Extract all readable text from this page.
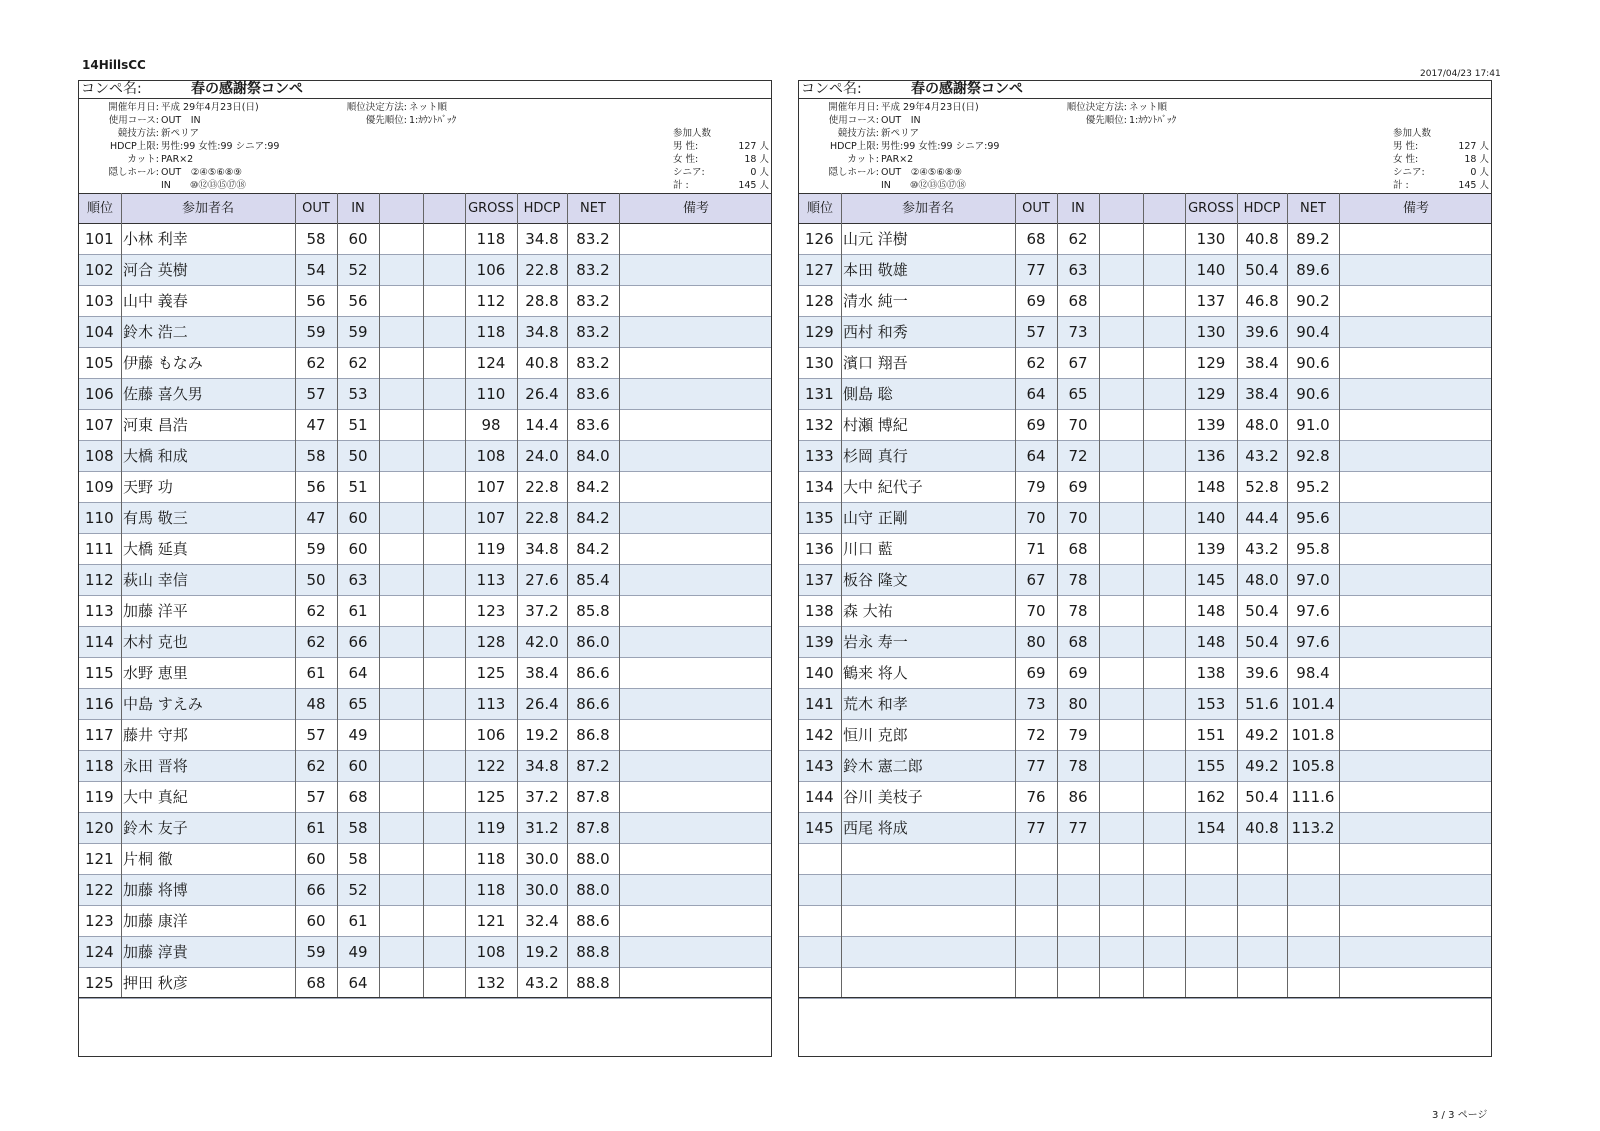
14HillsCC
2017/04/23 17:41
3 / 3 ページ
コンペ名:	春の感謝祭コンペ
開催年月日: 平成 29年4月23日(日)
使用コース: OUT　IN
競技方法: 新ペリア
HDCP上限: 男性:99 女性:99 シニア:99
カット: PAR×2
隠しホール: OUT　②④⑤⑥⑧⑨
IN　　⑩⑫⑬⑮⑰⑱
順位決定方法: ネット順
優先順位: 1:ｶｳﾝﾄﾊﾞｯｸ
参加人数
男 性:	127 人
女 性:	18 人
シニア:	0 人
計 :	145 人
順位	参加者名	OUT	IN	GROSS HDCP	NET	備考
101 小林 利幸	58	60	118	34.8	83.2
102 河合 英樹	54	52	106	22.8	83.2
103 山中 義春	56	56	112	28.8	83.2
104 鈴木 浩二	59	59	118	34.8	83.2
105 伊藤 もなみ	62	62	124	40.8	83.2
106 佐藤 喜久男	57	53	110	26.4	83.6
107 河東 昌浩	47	51	98	14.4	83.6
108 大橋 和成	58	50	108	24.0	84.0
109 天野 功	56	51	107	22.8	84.2
110 有馬 敬三	47	60	107	22.8	84.2
111 大橋 延真	59	60	119	34.8	84.2
112 萩山 幸信	50	63	113	27.6	85.4
113 加藤 洋平	62	61	123	37.2	85.8
114 木村 克也	62	66	128	42.0	86.0
115 水野 恵里	61	64	125	38.4	86.6
116 中島 すえみ	48	65	113	26.4	86.6
117 藤井 守邦	57	49	106	19.2	86.8
118 永田 晋将	62	60	122	34.8	87.2
119 大中 真紀	57	68	125	37.2	87.8
120 鈴木 友子	61	58	119	31.2	87.8
121 片桐 徹	60	58	118	30.0	88.0
122 加藤 将博	66	52	118	30.0	88.0
123 加藤 康洋	60	61	121	32.4	88.6
124 加藤 淳貴	59	49	108	19.2	88.8
125 押田 秋彦	68	64	132	43.2	88.8
コンペ名:	春の感謝祭コンペ
開催年月日: 平成 29年4月23日(日)
使用コース: OUT　IN
競技方法: 新ペリア
HDCP上限: 男性:99 女性:99 シニア:99
カット: PAR×2
隠しホール: OUT　②④⑤⑥⑧⑨
IN　　⑩⑫⑬⑮⑰⑱
順位決定方法: ネット順
優先順位: 1:ｶｳﾝﾄﾊﾞｯｸ
参加人数
男 性:	127 人
女 性:	18 人
シニア:	0 人
計 :	145 人
順位	参加者名	OUT	IN	GROSS HDCP	NET	備考
126 山元 洋樹	68	62	130	40.8	89.2
127 本田 敬雄	77	63	140	50.4	89.6
128 清水 純一	69	68	137	46.8	90.2
129 西村 和秀	57	73	130	39.6	90.4
130 濱口 翔吾	62	67	129	38.4	90.6
131 側島 聡	64	65	129	38.4	90.6
132 村瀬 博紀	69	70	139	48.0	91.0
133 杉岡 真行	64	72	136	43.2	92.8
134 大中 紀代子	79	69	148	52.8	95.2
135 山守 正剛	70	70	140	44.4	95.6
136 川口 藍	71	68	139	43.2	95.8
137 板谷 隆文	67	78	145	48.0	97.0
138 森 大祐	70	78	148	50.4	97.6
139 岩永 寿一	80	68	148	50.4	97.6
140 鶴来 将人	69	69	138	39.6	98.4
141 荒木 和孝	73	80	153	51.6 101.4
142 恒川 克郎	72	79	151	49.2 101.8
143 鈴木 憲二郎	77	78	155	49.2 105.8
144 谷川 美枝子	76	86	162	50.4 111.6
145 西尾 将成	77	77	154	40.8 113.2
